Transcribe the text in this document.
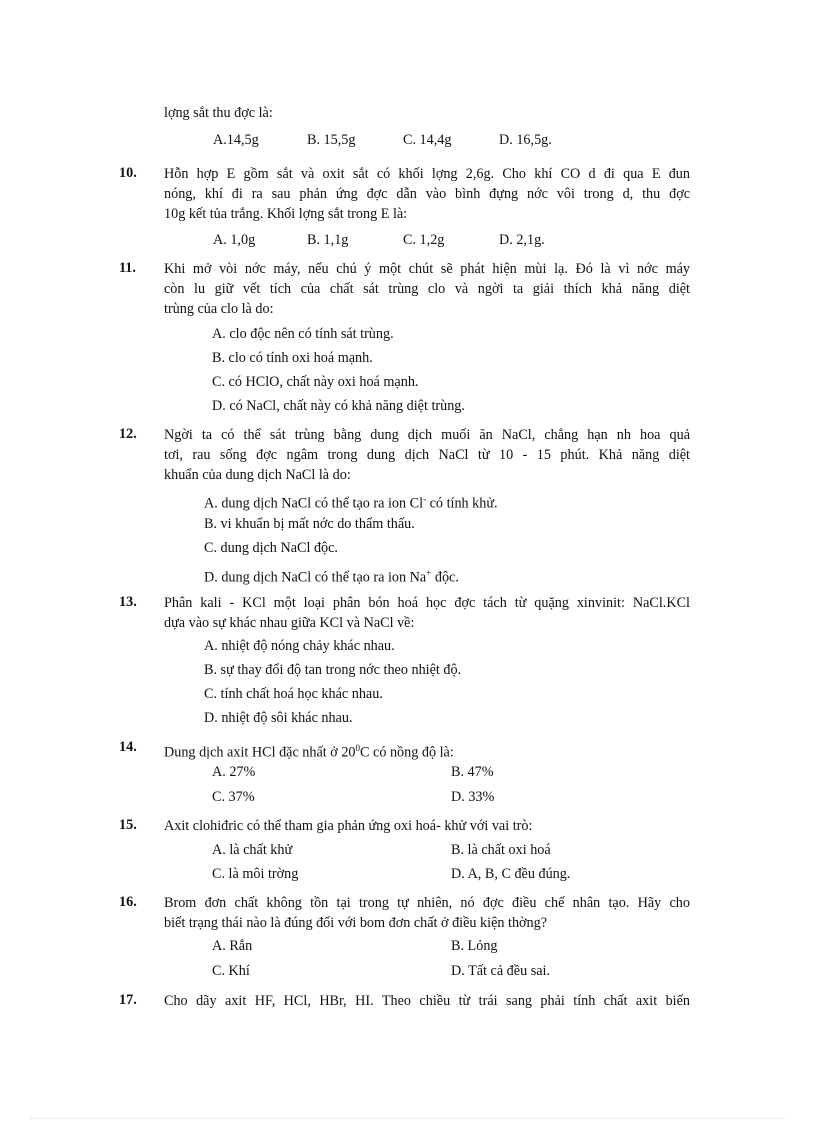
lợng sắt thu đợc là:
A.14,5g	B. 15,5g	C. 14,4g	D. 16,5g.
10. Hỗn hợp E gồm sắt và oxit sắt có khối lợng 2,6g. Cho khí CO d đi qua E đun
nóng, khí đi ra sau phản ứng đợc dẫn vào bình đựng nớc vôi trong d, thu đợc
10g kết tủa trắng. Khối lợng sắt trong E là:
A. 1,0g	B. 1,1g	C. 1,2g	D. 2,1g.
11. Khi mở vòi nớc máy, nếu chú ý một chút sẽ phát hiện mùi lạ. Đó là vì nớc máy
còn lu giữ vết tích của chất sát trùng clo và ngời ta giải thích khả năng diệt
trùng của clo là do:
A. clo độc nên có tính sát trùng.
B. clo có tính oxi hoá mạnh.
C. có HClO, chất này oxi hoá mạnh.
D. có NaCl, chất này có khả năng diệt trùng.
12. Ngời ta có thể sát trùng bằng dung dịch muối ăn NaCl, chẳng hạn nh hoa quả
tơi, rau sống đợc ngâm trong dung dịch NaCl từ 10 - 15 phút. Khả năng diệt
khuẩn của dung dịch NaCl là do:
A. dung dịch NaCl có thể tạo ra ion Cl- có tính khử.
B. vi khuẩn bị mất nớc do thẩm thấu.
C. dung dịch NaCl độc.
D. dung dịch NaCl có thể tạo ra ion Na+ độc.
13. Phân kali - KCl một loại phân bón hoá học đợc tách từ quặng xinvinit: NaCl.KCl
dựa vào sự khác nhau giữa KCl và NaCl về:
A. nhiệt độ nóng chảy khác nhau.
B. sự thay đổi độ tan trong nớc theo nhiệt độ.
C. tính chất hoá học khác nhau.
D. nhiệt độ sôi khác nhau.
14. Dung dịch axit HCl đặc nhất ở $20^0C$ có nồng độ là:
A. 27%	B. 47%
C. 37%	D. 33%
15. Axit clohiđric có thể tham gia phản ứng oxi hoá- khử với vai trò:
A. là chất khử	B. là chất oxi hoá
C. là môi trờng	D. A, B, C đều đúng.
16. Brom đơn chất không tồn tại trong tự nhiên, nó đợc điều chế nhân tạo. Hãy cho
biết trạng thái nào là đúng đối với bom đơn chất ở điều kiện thờng?
A. Rắn	B. Lỏng
C. Khí	D. Tất cả đều sai.
17. Cho dãy axit HF, HCl, HBr, HI. Theo chiều từ trái sang phải tính chất axit biến
